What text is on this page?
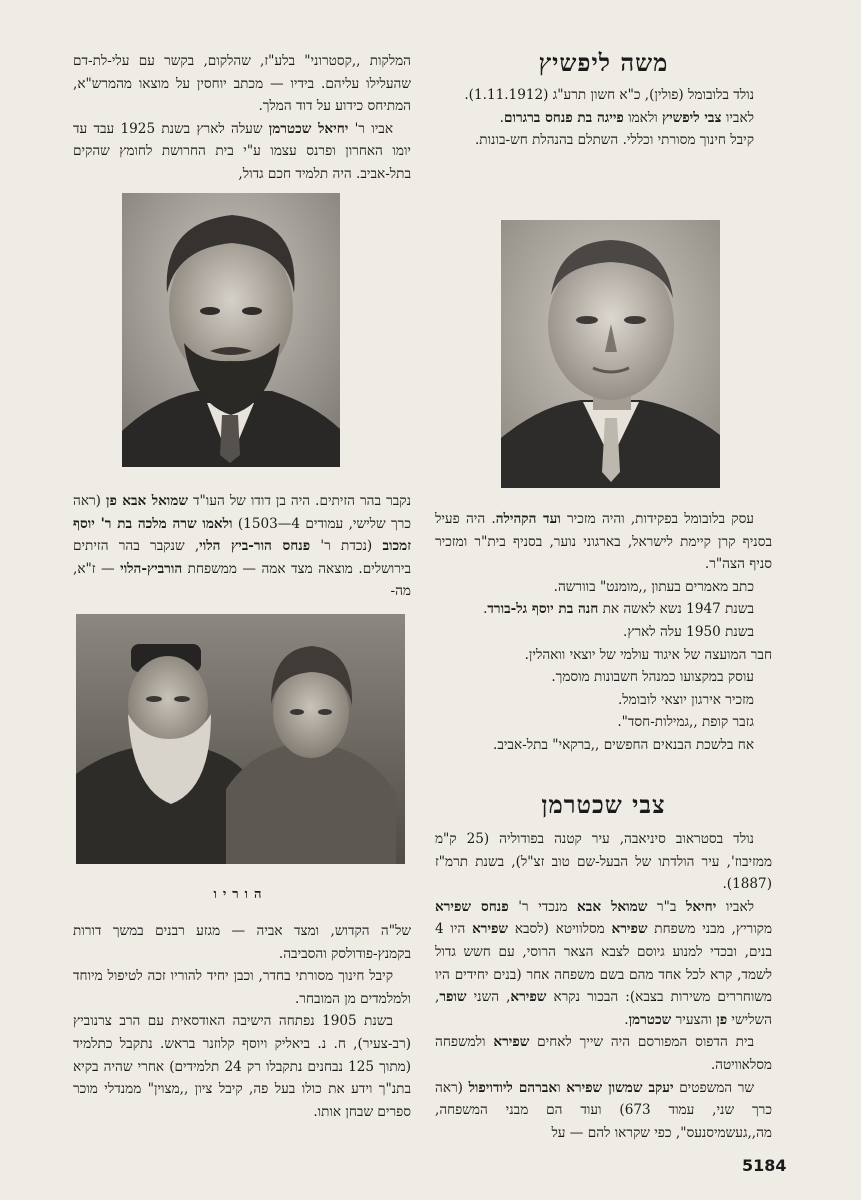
משה ליפשיץ

נולד בלובומל (פולין), כ"א חשון תרע"ג (1.11.1912).

לאביו צבי ליפשיץ ולאמו פייגה בת פנחס ברגרום.

קיבל חינוך מסורתי וכללי. השתלם בהנהלת חש-בונות.

עסק בלובומל בפקידות, והיה מזכיר ועד הקהילה. היה פעיל בסניף קרן קיימת לישראל, בארגוני נוער, בסניף בית"ר ומזכיר סניף הצה"ר.

כתב מאמרים בעתון ,,מומנט" בוורשה.

בשנת 1947 נשא לאשה את חנה בת יוסף גל-בורד.

בשנת 1950 עלה לארץ.

חבר המועצה של איגוד עולמי של יוצאי וואהלין.

עוסק במקצועו כמנהל חשבונות מוסמך.

מזכיר אירגון יוצאי לובומל.

גזבר קופת ,,גמילות-חסד".

אח בלשכת הבנאים החפשים ,,ברקאי" בתל-אביב.

צבי שכטרמן

נולד בסטראוב סיניאבה, עיר קטנה בפודוליה (25 ק"מ ממזיבוז', עיר הולדתו של הבעל-שם טוב זצ"ל), בשנת תרמ"ז (1887).

לאביו יחיאל ב"ר שמואל אבא מנכדי ר' פנחס שפירא מקוריץ, מבני משפחת שפירא מסלוויטא (לסבא שפירא היו 4 בנים, ובכדי למנוע גיוסם לצבא הצאר הרוסי, עם חשש גדול לשמד, קרא לכל אחד מהם בשם משפחה אחר (בנים יחידים היו משוחררים משירות בצבא): הבכור נקרא שפירא, השני שופר, השלישי פן והצעיר שכטרמן.

בית הדפוס המפורסם היה שייך לאחים שפירא ולמשפחה מסלאוויטה.

שר המשפטים יעקב שמשון שפירא ואברהם ליודויפול (ראה כרך שני, עמוד 673) ועוד הם מבני המשפחה, מה,,געשמיסנעס", כפי שקראו להם — על

המלקות ,,קסטרוני" בלע"ז, שהלקום, בקשר עם עלי-לת-דם שהעלילו עליהם. בידיו — מכתב יוחסין על מוצאו מהמרש"א, המתיחס כידוע על דוד המלך.

אביו ר' יחיאל שכטרמן שעלה לארץ בשנת 1925 עבד עד יומו האחרון ופרנס עצמו ע"י בית החרושת לחומץ שהקים בתל-אביב. היה תלמיד חכם גדול,

נקבר בהר הזיתים. היה בן דודו של העו"ד שמואל אבא פן (ראה כרך שלישי, עמודים 4—1503) ולאמו שרה מלכה בת ר' יוסף זמכוב (נכדת ר' פנחס הור-ביץ הלוי, שנקבר בהר הזיתים בירושלים. מוצאה מצד אמה — ממשפחת הורביץ-הלוי — ז"א, מה-

הוריו

של"ה הקדוש, ומצד אביה — מגזע רבנים במשך דורות בקמנץ-פודולסק והסביבה.

קיבל חינוך מסורתי בחדר, וכבן יחיד להוריו זכה לטיפול מיוחד ולמלמדים מן המובחר.

בשנת 1905 נפתחה הישיבה האודסאית עם הרב צרנוביץ (רב-צעיר), ח. נ. ביאליק ויוסף קלוזנר בראש. נתקבל כתלמיד (מתוך 125 נבחנים נתקבלו רק 24 תלמידים) אחרי שהיה בקיא בתנ"ך וידע את כולו בעל פה, קיבל ציון ,,מצוין" ממנדלי מוכר ספרים שבחן אותו.

5184
